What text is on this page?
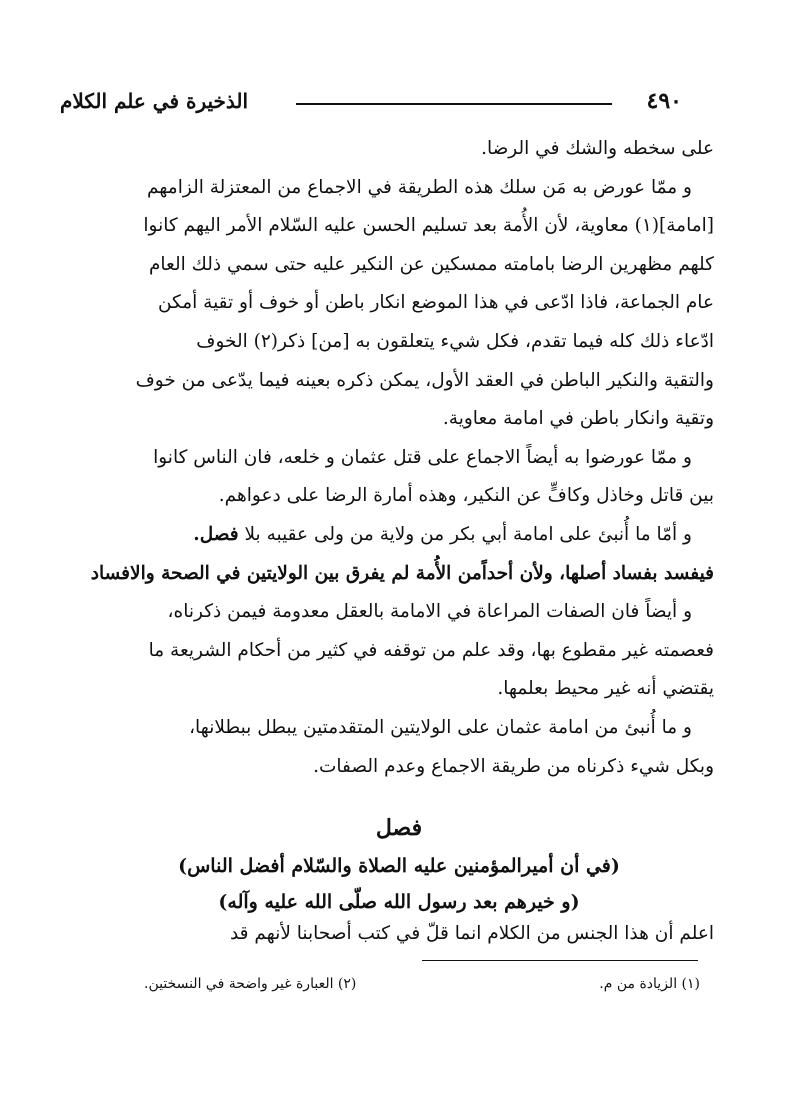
٤٩٠
الذخيرة في علم الكلام
على سخطه والشك في الرضا.
و ممّا عورض به مَن سلك هذه الطريقة في الاجماع من المعتزلة الزامهم
[امامة](١) معاوية، لأن الأُمة بعد تسليم الحسن عليه السّلام الأمر اليهم كانوا
كلهم مظهرين الرضا بامامته ممسكين عن النكير عليه حتى سمي ذلك العام
عام الجماعة، فاذا ادّعى في هذا الموضع انكار باطن أو خوف أو تقية أمكن
ادّعاء ذلك كله فيما تقدم، فكل شيء يتعلقون به [من] ذكر(٢) الخوف
والتقية والنكير الباطن في العقد الأول، يمكن ذكره بعينه فيما يدّعى من خوف
وتقية وانكار باطن في امامة معاوية.
و ممّا عورضوا به أيضاً الاجماع على قتل عثمان و خلعه، فان الناس كانوا
بين قاتل وخاذل وكافٍّ عن النكير، وهذه أمارة الرضا على دعواهم.
و أمّا ما أُنبئ على امامة أبي بكر من ولاية من ولى عقيبه بلا فصل.
فيفسد بفساد أصلها، ولأن أحداًمن الأُمة لم يفرق بين الولايتين في الصحة والافساد
و أيضاً فان الصفات المراعاة في الامامة بالعقل معدومة فيمن ذكرناه،
فعصمته غير مقطوع بها، وقد علم من توقفه في كثير من أحكام الشريعة ما
يقتضي أنه غير محيط بعلمها.
و ما أُنبئ من امامة عثمان على الولايتين المتقدمتين يبطل ببطلانها،
وبكل شيء ذكرناه من طريقة الاجماع وعدم الصفات.
فصل
(في أن أميرالمؤمنين عليه الصلاة والسّلام أفضل الناس)
(و خيرهم بعد رسول الله صلّى الله عليه وآله)
اعلم أن هذا الجنس من الكلام انما قلّ في كتب أصحابنا لأنهم قد
(١) الزيادة من م.
(٢) العبارة غير واضحة في النسختين.
